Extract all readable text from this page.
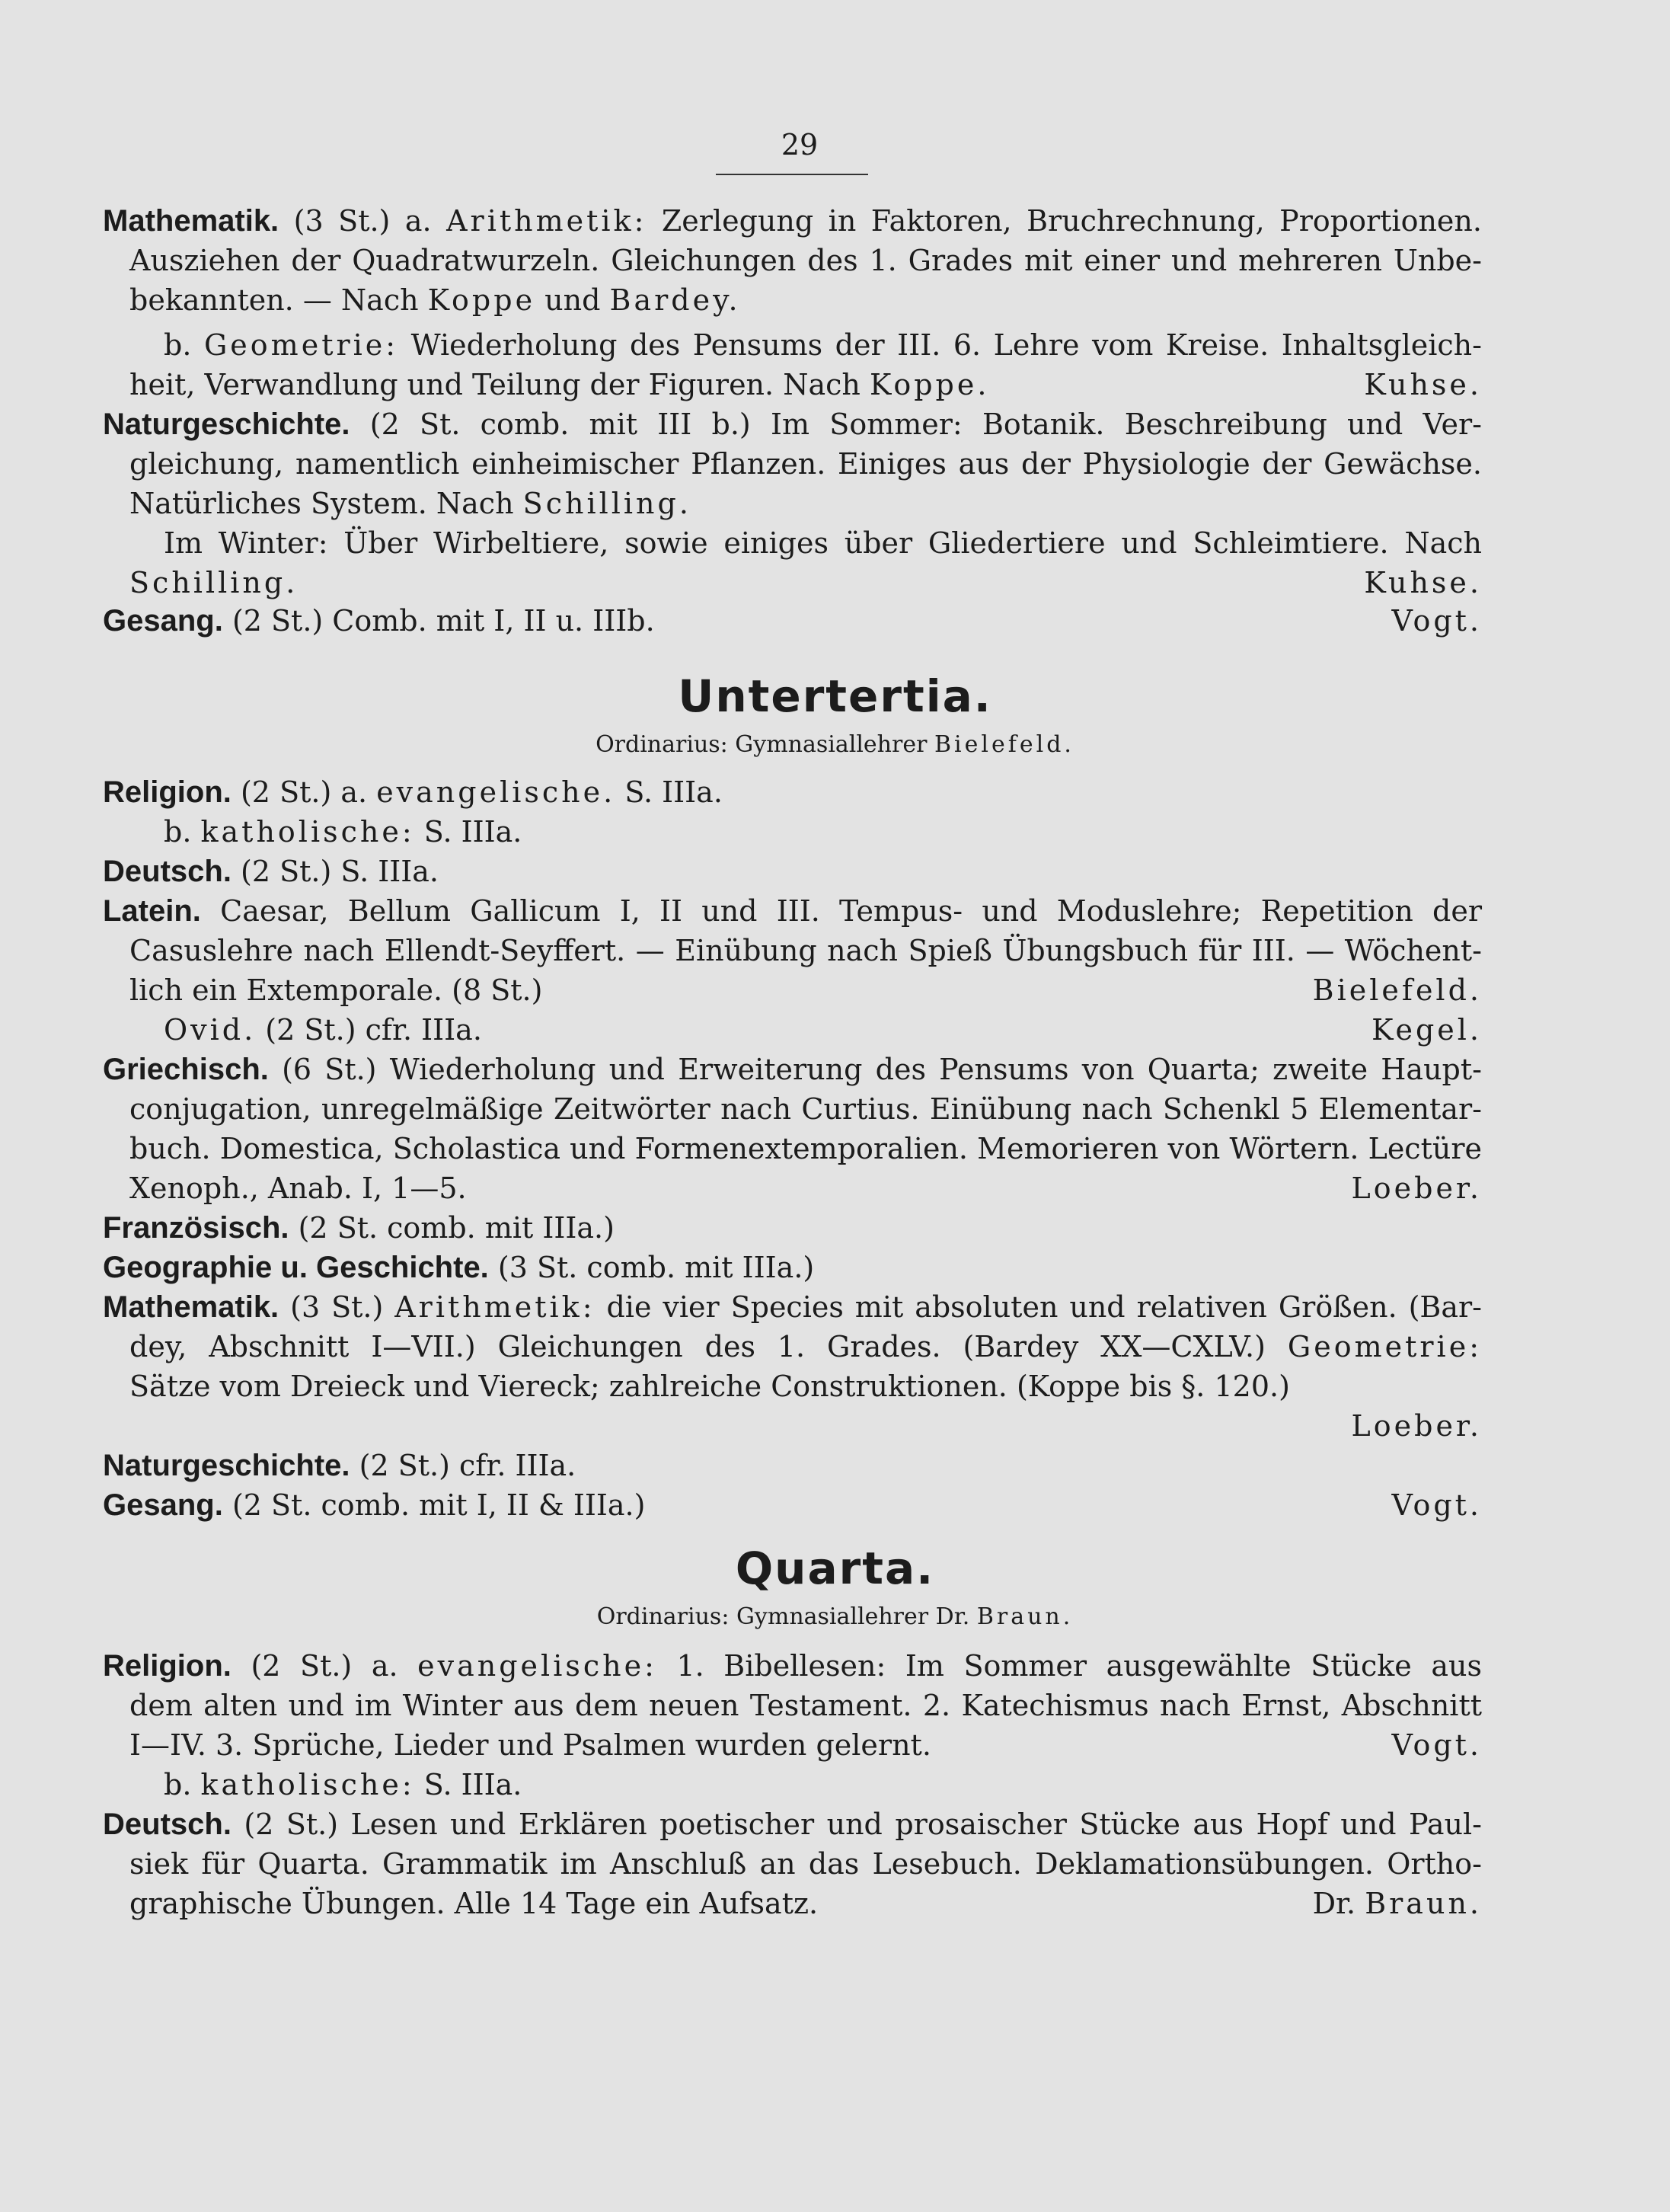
29
Mathematik. (3 St.) a. Arithmetik: Zerlegung in Faktoren, Bruchrechnung, Proportionen.
Ausziehen der Quadratwurzeln. Gleichungen des 1. Grades mit einer und mehreren Unbe-
bekannten. — Nach Koppe und Bardey.
b. Geometrie: Wiederholung des Pensums der III. 6. Lehre vom Kreise. Inhaltsgleich-
heit, Verwandlung und Teilung der Figuren. Nach Koppe.	Kuhse.
Naturgeschichte. (2 St. comb. mit III b.) Im Sommer: Botanik. Beschreibung und Ver-
gleichung, namentlich einheimischer Pflanzen. Einiges aus der Physiologie der Gewächse.
Natürliches System. Nach Schilling.
Im Winter: Über Wirbeltiere, sowie einiges über Gliedertiere und Schleimtiere. Nach
Schilling.	Kuhse.
Gesang. (2 St.) Comb. mit I, II u. IIIb.	Vogt.
Untertertia.
Ordinarius: Gymnasiallehrer Bielefeld.
Religion. (2 St.) a. evangelische. S. IIIa.
b. katholische: S. IIIa.
Deutsch. (2 St.) S. IIIa.
Latein. Caesar, Bellum Gallicum I, II und III. Tempus- und Moduslehre; Repetition der
Casuslehre nach Ellendt-Seyffert. — Einübung nach Spieß Übungsbuch für III. — Wöchent-
lich ein Extemporale. (8 St.)	Bielefeld.
Ovid. (2 St.) cfr. IIIa.	Kegel.
Griechisch. (6 St.) Wiederholung und Erweiterung des Pensums von Quarta; zweite Haupt-
conjugation, unregelmäßige Zeitwörter nach Curtius. Einübung nach Schenkl 5 Elementar-
buch. Domestica, Scholastica und Formenextemporalien. Memorieren von Wörtern. Lectüre
Xenoph., Anab. I, 1—5.	Loeber.
Französisch. (2 St. comb. mit IIIa.)
Geographie u. Geschichte. (3 St. comb. mit IIIa.)
Mathematik. (3 St.) Arithmetik: die vier Species mit absoluten und relativen Größen. (Bar-
dey, Abschnitt I—VII.) Gleichungen des 1. Grades. (Bardey XX—CXLV.) Geometrie:
Sätze vom Dreieck und Viereck; zahlreiche Construktionen. (Koppe bis §. 120.)
Loeber.
Naturgeschichte. (2 St.) cfr. IIIa.
Gesang. (2 St. comb. mit I, II & IIIa.)	Vogt.
Quarta.
Ordinarius: Gymnasiallehrer Dr. Braun.
Religion. (2 St.) a. evangelische: 1. Bibellesen: Im Sommer ausgewählte Stücke aus
dem alten und im Winter aus dem neuen Testament. 2. Katechismus nach Ernst, Abschnitt
I—IV. 3. Sprüche, Lieder und Psalmen wurden gelernt.	Vogt.
b. katholische: S. IIIa.
Deutsch. (2 St.) Lesen und Erklären poetischer und prosaischer Stücke aus Hopf und Paul-
siek für Quarta. Grammatik im Anschluß an das Lesebuch. Deklamationsübungen. Ortho-
graphische Übungen. Alle 14 Tage ein Aufsatz.	Dr. Braun.
